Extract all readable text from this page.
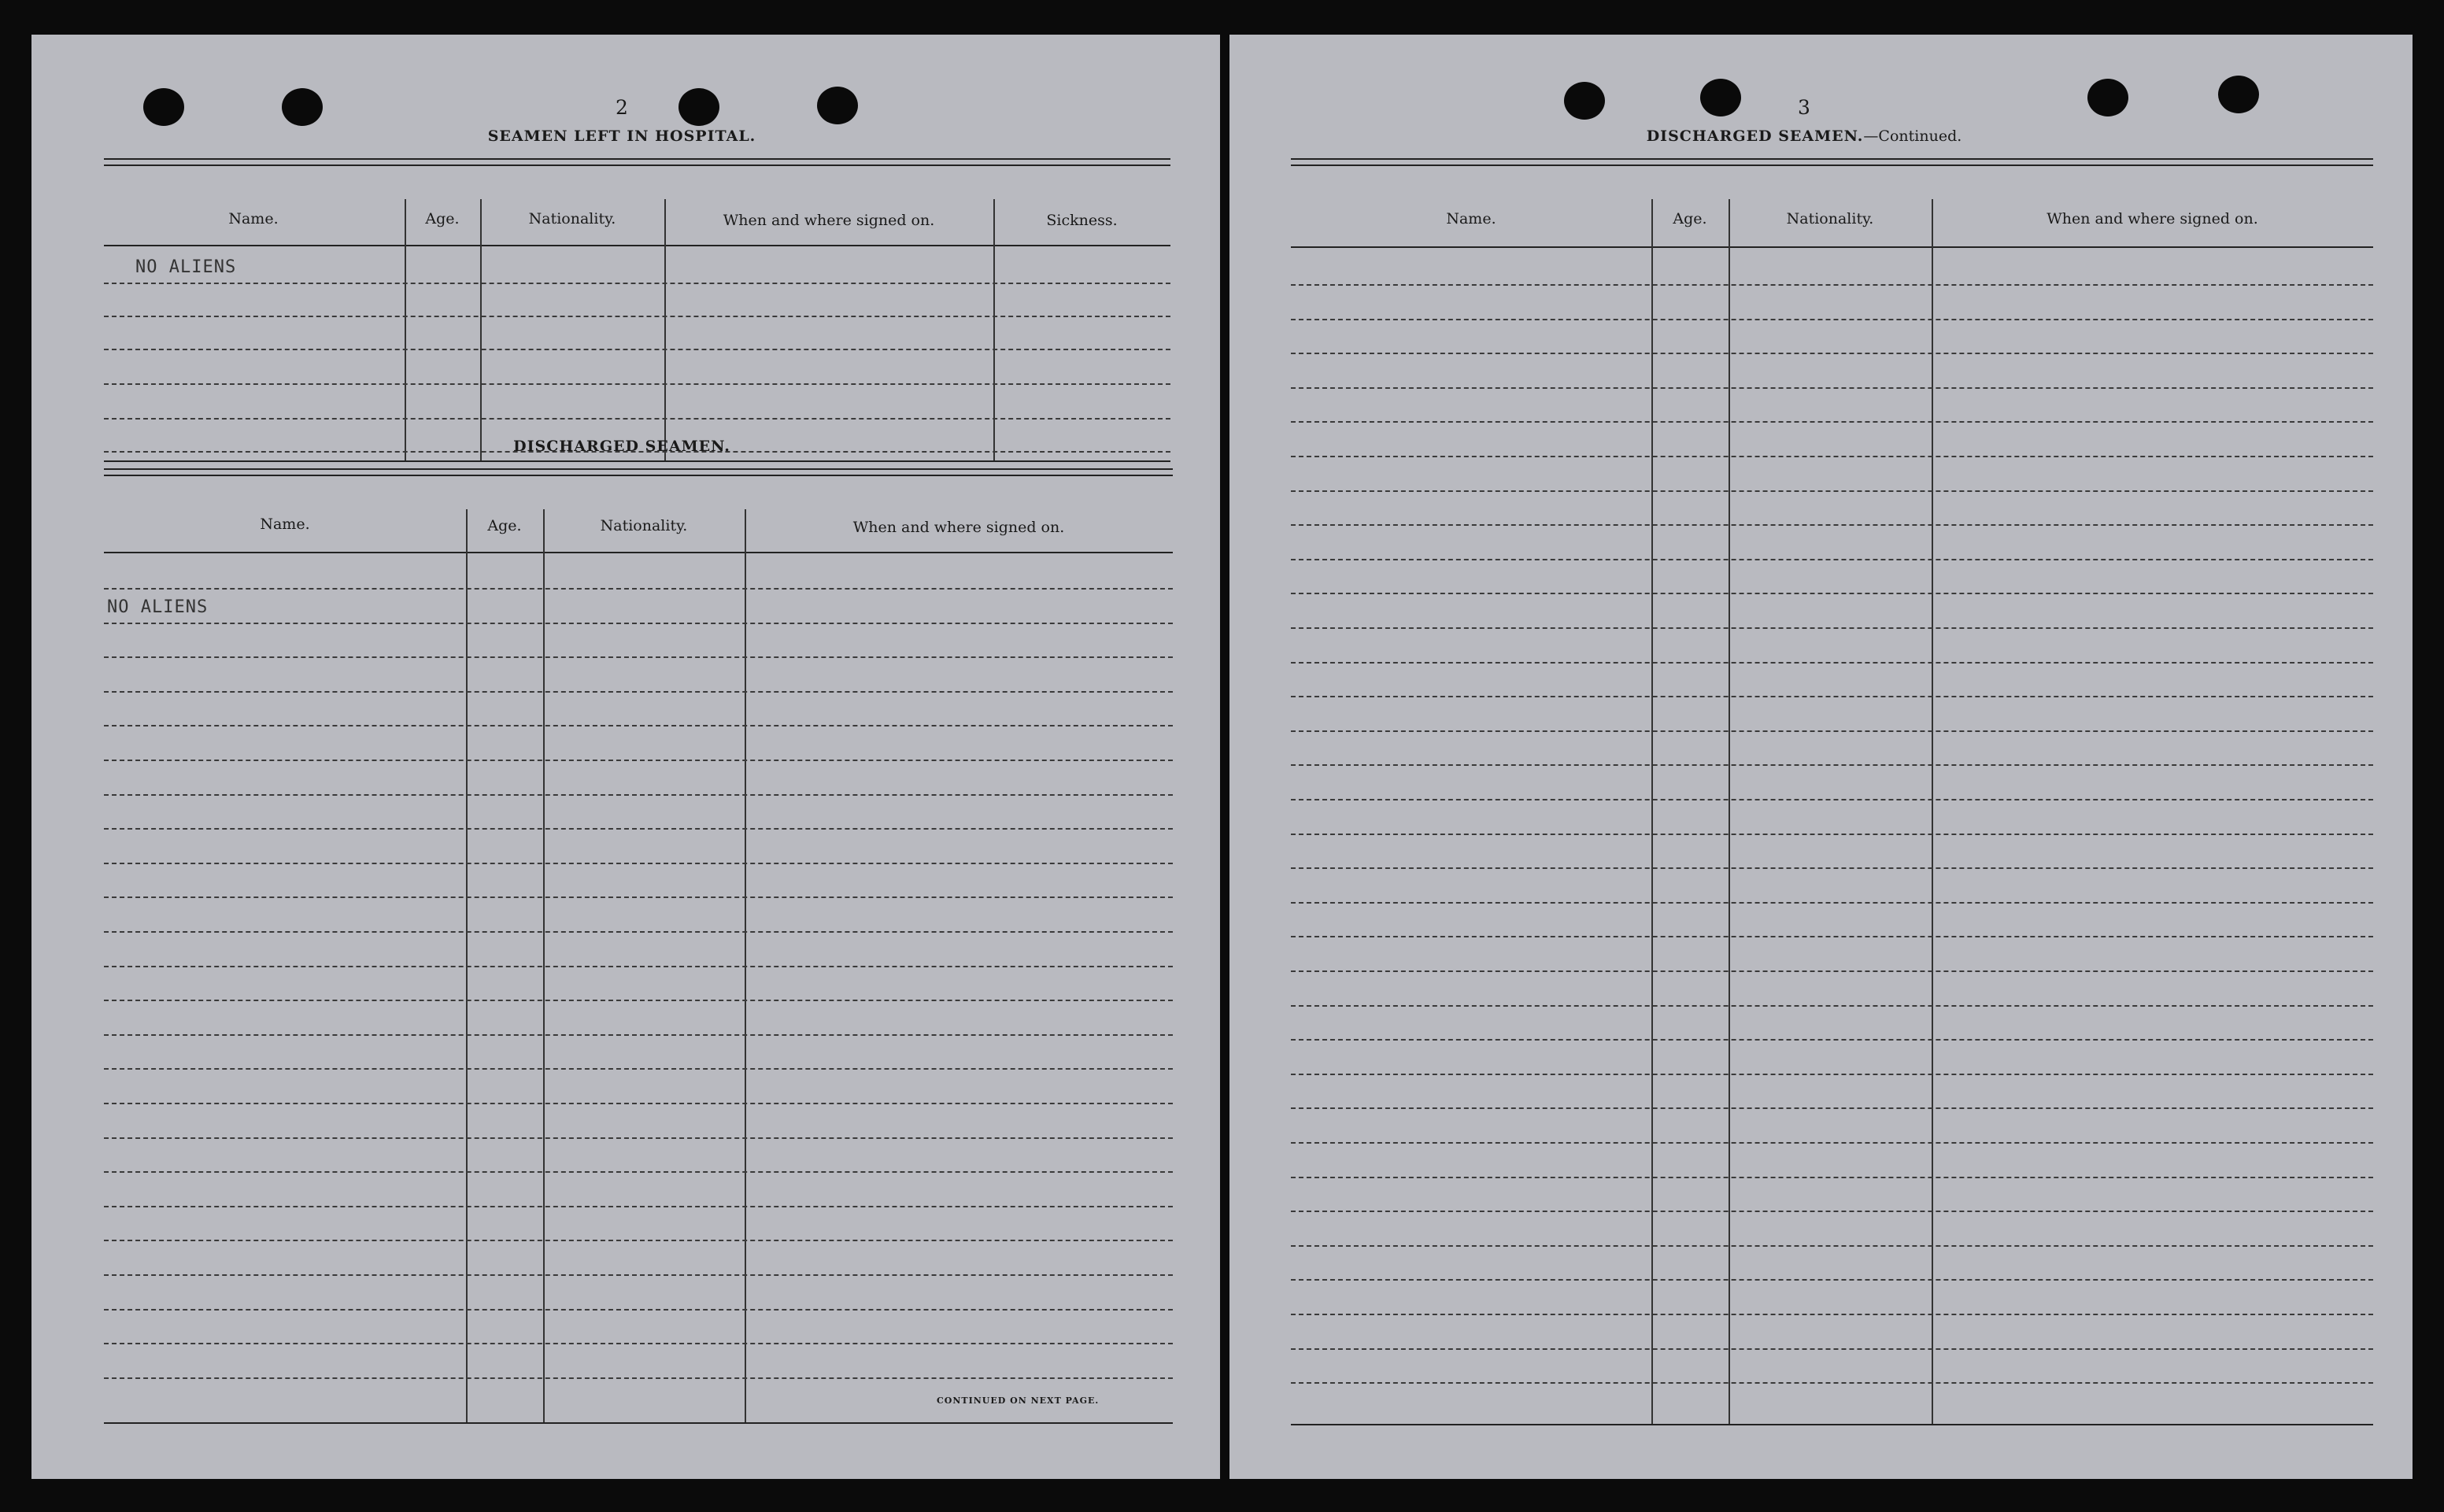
2
SEAMEN LEFT IN HOSPITAL.
Name.	Age.	Nationality.	When and where signed on.	Sickness.
NO ALIENS
DISCHARGED SEAMEN.
Name.	Age.	Nationality.	When and where signed on.
NO ALIENS
CONTINUED ON NEXT PAGE.
3
DISCHARGED SEAMEN.—Continued.
Name.	Age.	Nationality.	When and where signed on.
